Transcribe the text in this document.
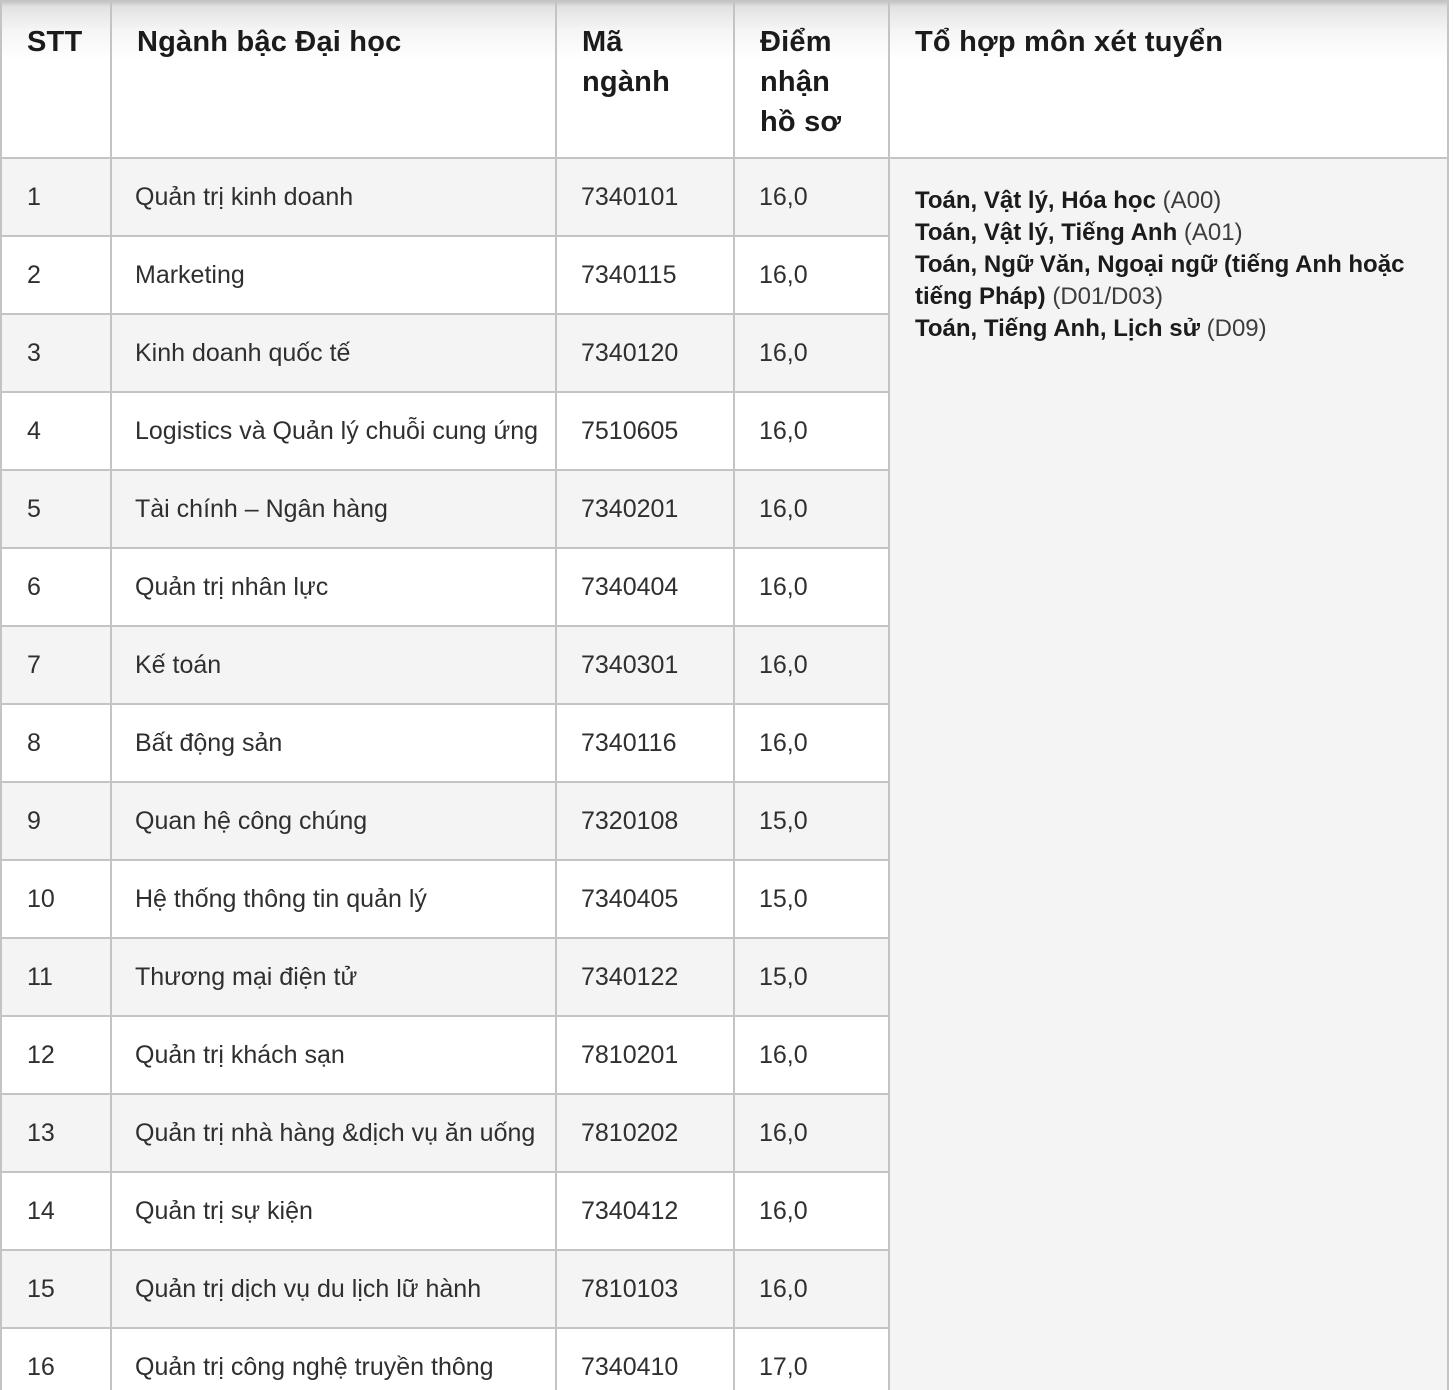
STT	Ngành bậc Đại học	Mã ngành	Điểm nhận hồ sơ	Tổ hợp môn xét tuyển

1	Quản trị kinh doanh	7340101	16,0	Toán, Vật lý, Hóa học (A00)
Toán, Vật lý, Tiếng Anh (A01)
Toán, Ngữ Văn, Ngoại ngữ (tiếng Anh hoặc tiếng Pháp) (D01/D03)
Toán, Tiếng Anh, Lịch sử (D09)

2	Marketing	7340115	16,0	
3	Kinh doanh quốc tế	7340120	16,0	
4	Logistics và Quản lý chuỗi cung ứng	7510605	16,0	
5	Tài chính – Ngân hàng	7340201	16,0	
6	Quản trị nhân lực	7340404	16,0	
7	Kế toán	7340301	16,0	
8	Bất động sản	7340116	16,0	
9	Quan hệ công chúng	7320108	15,0	
10	Hệ thống thông tin quản lý	7340405	15,0	
11	Thương mại điện tử	7340122	15,0	
12	Quản trị khách sạn	7810201	16,0	
13	Quản trị nhà hàng &dịch vụ ăn uống	7810202	16,0	
14	Quản trị sự kiện	7340412	16,0	
15	Quản trị dịch vụ du lịch lữ hành	7810103	16,0	
16	Quản trị công nghệ truyền thông	7340410	17,0	
